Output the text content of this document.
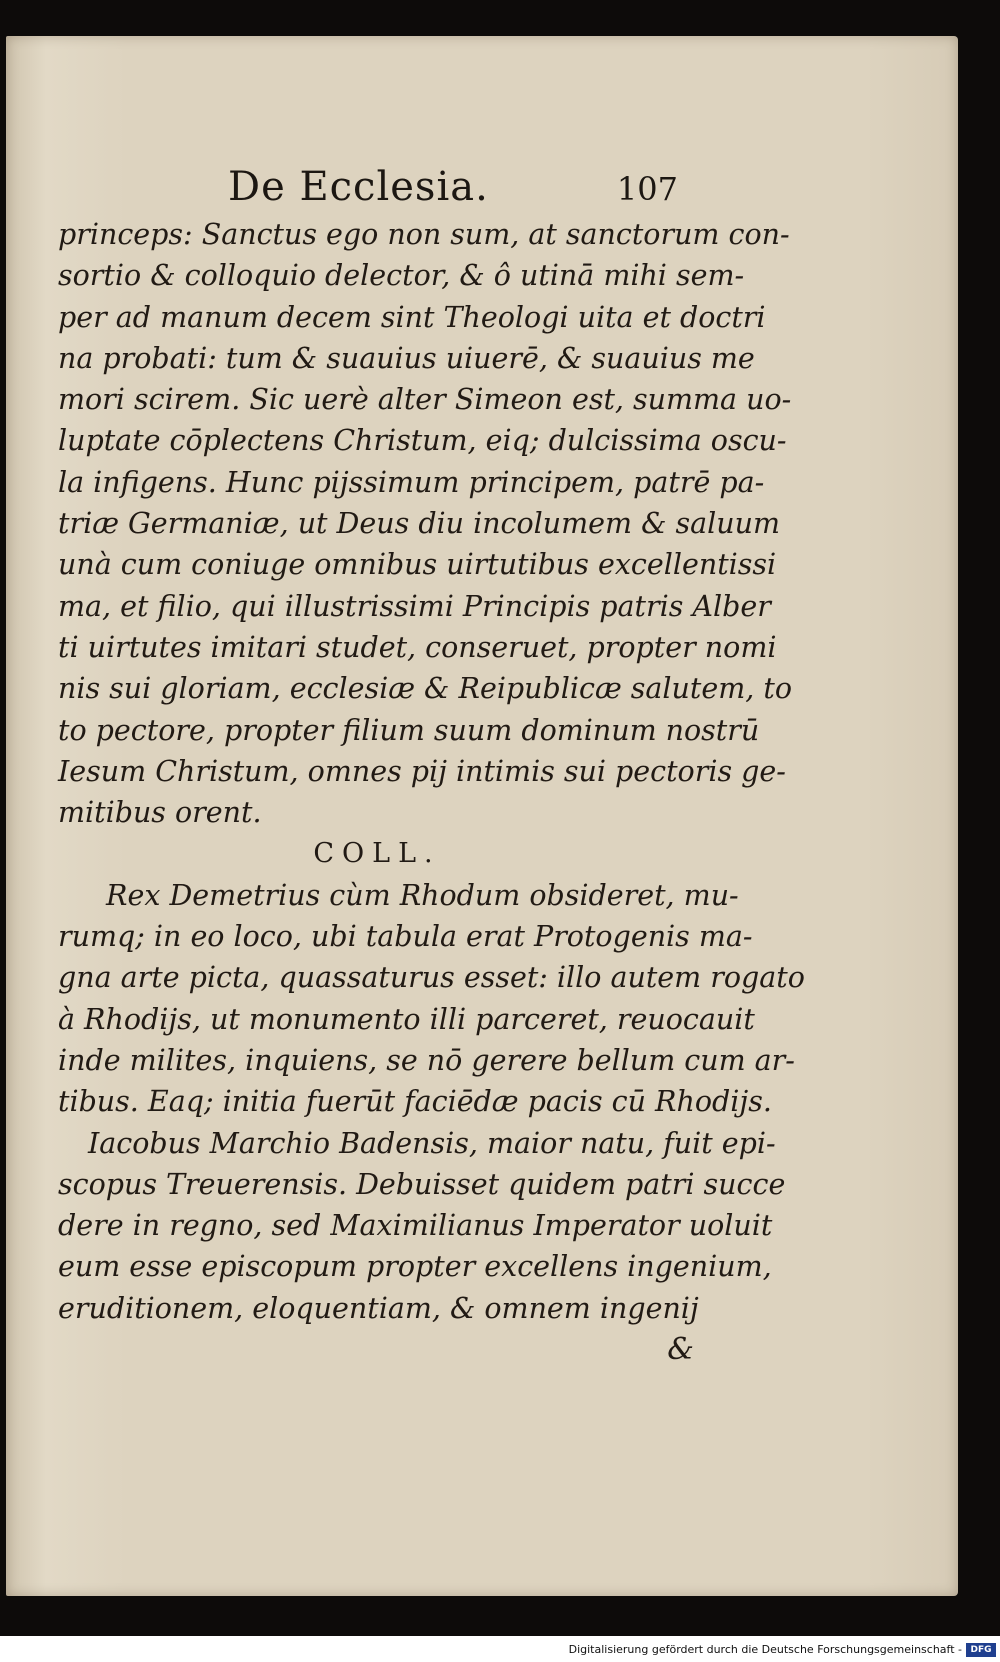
De Ecclesia.	107
princeps: Sanctus ego non sum, at sanctorum con-
sortio & colloquio delector, & ô utinā mihi sem-
per ad manum decem sint Theologi uita et doctri
na probati: tum & suauius uiuerē, & suauius me
mori scirem. Sic uerè alter Simeon est, summa uo-
luptate cōplectens Christum, eiq; dulcissima oscu-
la infigens. Hunc pijssimum principem, patrē pa-
triæ Germaniæ, ut Deus diu incolumem & saluum
unà cum coniuge omnibus uirtutibus excellentissi
ma, et filio, qui illustrissimi Principis patris Alber
ti uirtutes imitari studet, conseruet, propter nomi
nis sui gloriam, ecclesiæ & Reipublicæ salutem, to
to pectore, propter filium suum dominum nostrū
Iesum Christum, omnes pij intimis sui pectoris ge-
mitibus orent.
COLL.
Rex Demetrius cùm Rhodum obsideret, mu-
rumq; in eo loco, ubi tabula erat Protogenis ma-
gna arte picta, quassaturus esset: illo autem rogato
à Rhodijs, ut monumento illi parceret, reuocauit
inde milites, inquiens, se nō gerere bellum cum ar-
tibus. Eaq; initia fuerūt faciēdæ pacis cū Rhodijs.
Iacobus Marchio Badensis, maior natu, fuit epi-
scopus Treuerensis. Debuisset quidem patri succe
dere in regno, sed Maximilianus Imperator uoluit
eum esse episcopum propter excellens ingenium,
eruditionem, eloquentiam, & omnem ingenij
&
Digitalisierung gefördert durch die Deutsche Forschungsgemeinschaft - DFG
